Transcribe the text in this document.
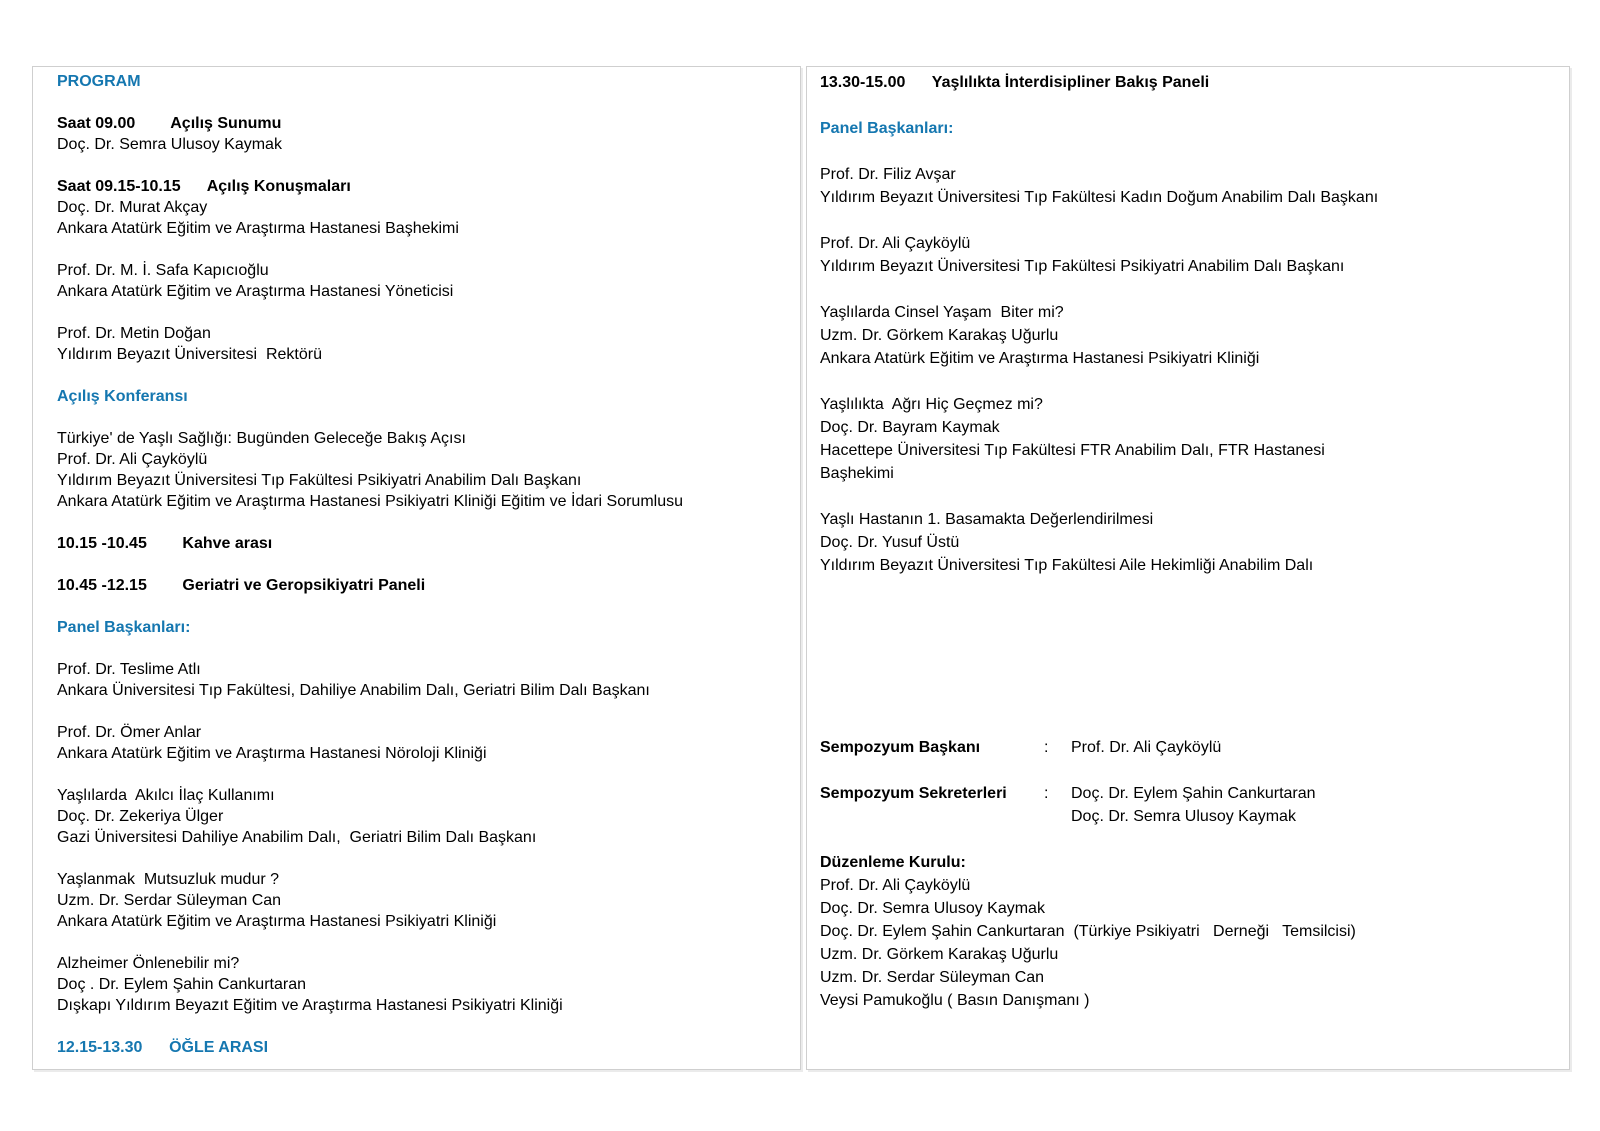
PROGRAM

Saat 09.00        Açılış Sunumu
Doç. Dr. Semra Ulusoy Kaymak

Saat 09.15-10.15      Açılış Konuşmaları
Doç. Dr. Murat Akçay
Ankara Atatürk Eğitim ve Araştırma Hastanesi Başhekimi

Prof. Dr. M. İ. Safa Kapıcıoğlu
Ankara Atatürk Eğitim ve Araştırma Hastanesi Yöneticisi

Prof. Dr. Metin Doğan
Yıldırım Beyazıt Üniversitesi  Rektörü

Açılış Konferansı

Türkiye' de Yaşlı Sağlığı: Bugünden Geleceğe Bakış Açısı
Prof. Dr. Ali Çayköylü
Yıldırım Beyazıt Üniversitesi Tıp Fakültesi Psikiyatri Anabilim Dalı Başkanı
Ankara Atatürk Eğitim ve Araştırma Hastanesi Psikiyatri Kliniği Eğitim ve İdari Sorumlusu

10.15 -10.45        Kahve arası

10.45 -12.15        Geriatri ve Geropsikiyatri Paneli

Panel Başkanları:

Prof. Dr. Teslime Atlı
Ankara Üniversitesi Tıp Fakültesi, Dahiliye Anabilim Dalı, Geriatri Bilim Dalı Başkanı

Prof. Dr. Ömer Anlar
Ankara Atatürk Eğitim ve Araştırma Hastanesi Nöroloji Kliniği

Yaşlılarda  Akılcı İlaç Kullanımı
Doç. Dr. Zekeriya Ülger
Gazi Üniversitesi Dahiliye Anabilim Dalı,  Geriatri Bilim Dalı Başkanı

Yaşlanmak  Mutsuzluk mudur ?
Uzm. Dr. Serdar Süleyman Can
Ankara Atatürk Eğitim ve Araştırma Hastanesi Psikiyatri Kliniği

Alzheimer Önlenebilir mi?
Doç . Dr. Eylem Şahin Cankurtaran
Dışkapı Yıldırım Beyazıt Eğitim ve Araştırma Hastanesi Psikiyatri Kliniği

12.15-13.30      ÖĞLE ARASI

13.30-15.00      Yaşlılıkta İnterdisipliner Bakış Paneli

Panel Başkanları:

Prof. Dr. Filiz Avşar
Yıldırım Beyazıt Üniversitesi Tıp Fakültesi Kadın Doğum Anabilim Dalı Başkanı

Prof. Dr. Ali Çayköylü
Yıldırım Beyazıt Üniversitesi Tıp Fakültesi Psikiyatri Anabilim Dalı Başkanı

Yaşlılarda Cinsel Yaşam  Biter mi?
Uzm. Dr. Görkem Karakaş Uğurlu
Ankara Atatürk Eğitim ve Araştırma Hastanesi Psikiyatri Kliniği

Yaşlılıkta  Ağrı Hiç Geçmez mi?
Doç. Dr. Bayram Kaymak
Hacettepe Üniversitesi Tıp Fakültesi FTR Anabilim Dalı, FTR Hastanesi
Başhekimi

Yaşlı Hastanın 1. Basamakta Değerlendirilmesi
Doç. Dr. Yusuf Üstü
Yıldırım Beyazıt Üniversitesi Tıp Fakültesi Aile Hekimliği Anabilim Dalı

Sempozyum Başkanı	:	Prof. Dr. Ali Çayköylü
Sempozyum Sekreterleri	:	Doç. Dr. Eylem Şahin Cankurtaran
Doç. Dr. Semra Ulusoy Kaymak

Düzenleme Kurulu:
Prof. Dr. Ali Çayköylü
Doç. Dr. Semra Ulusoy Kaymak
Doç. Dr. Eylem Şahin Cankurtaran  (Türkiye Psikiyatri   Derneği   Temsilcisi)
Uzm. Dr. Görkem Karakaş Uğurlu
Uzm. Dr. Serdar Süleyman Can
Veysi Pamukoğlu ( Basın Danışmanı )
